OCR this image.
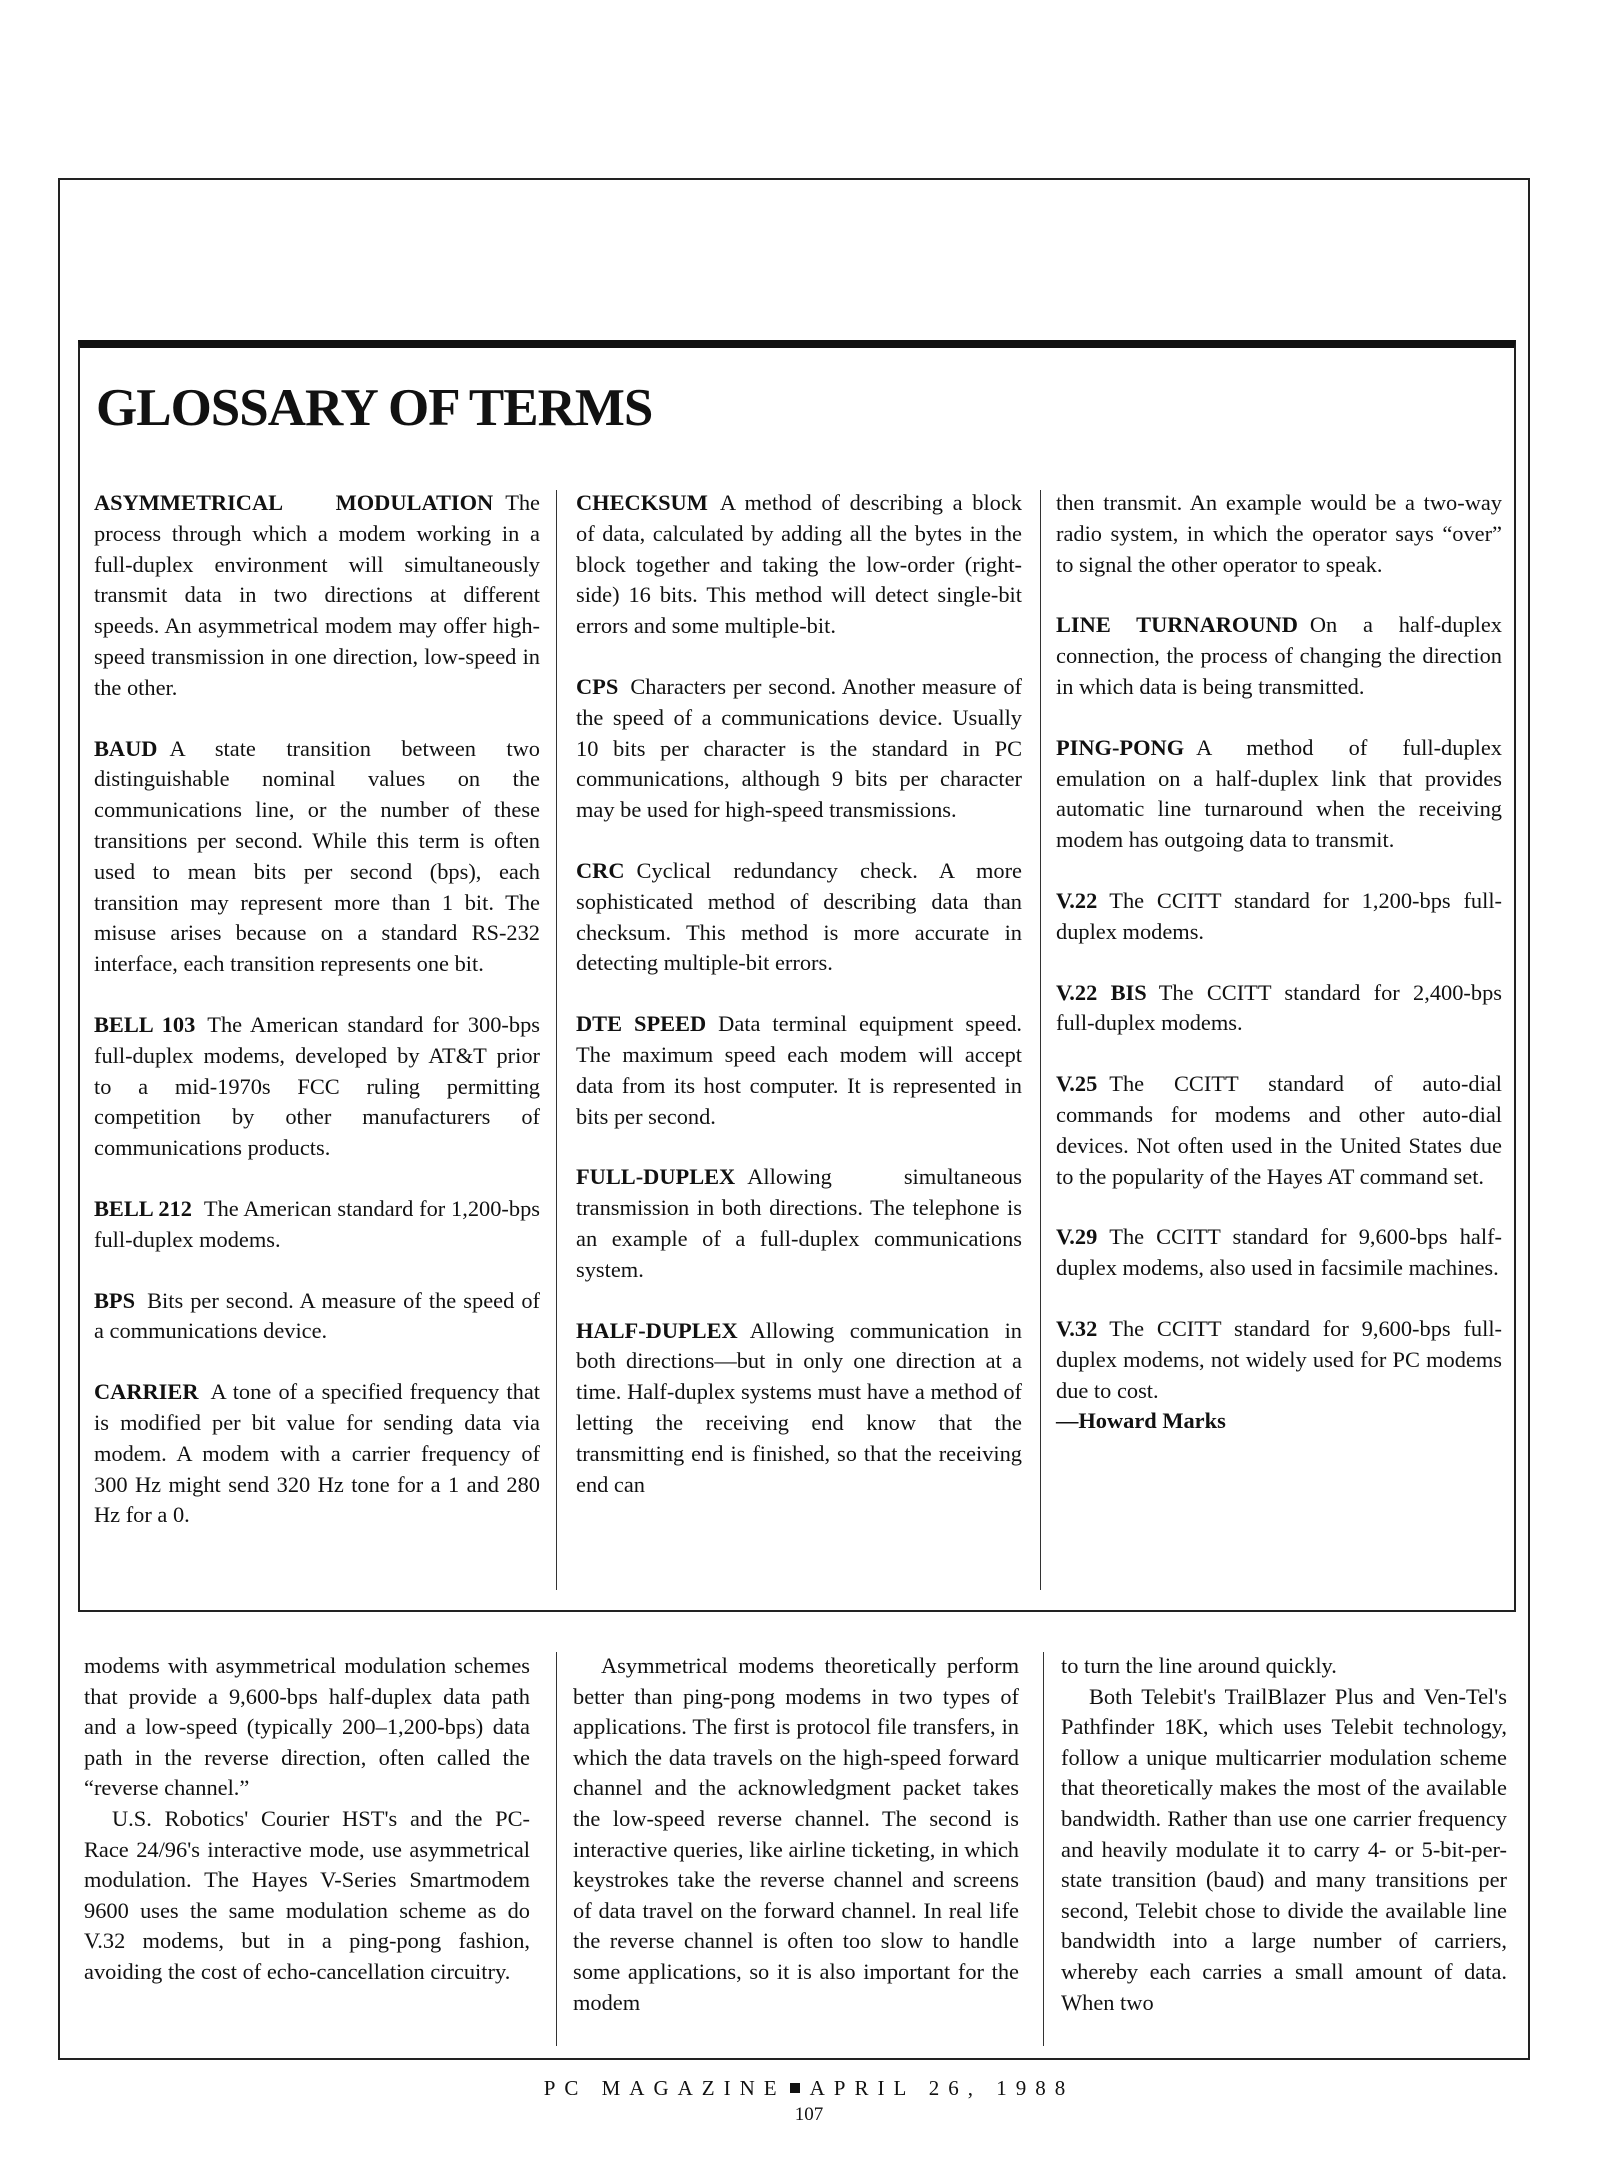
GLOSSARY OF TERMS

ASYMMETRICAL MODULATION The process through which a modem working in a full-duplex environment will simultaneously transmit data in two directions at different speeds. An asymmetrical modem may offer high-speed transmission in one direction, low-speed in the other.

BAUD A state transition between two distinguishable nominal values on the communications line, or the number of these transitions per second. While this term is often used to mean bits per second (bps), each transition may represent more than 1 bit. The misuse arises because on a standard RS-232 interface, each transition represents one bit.

BELL 103 The American standard for 300-bps full-duplex modems, developed by AT&T prior to a mid-1970s FCC ruling permitting competition by other manufacturers of communications products.

BELL 212 The American standard for 1,200-bps full-duplex modems.

BPS Bits per second. A measure of the speed of a communications device.

CARRIER A tone of a specified frequency that is modified per bit value for sending data via modem. A modem with a carrier frequency of 300 Hz might send 320 Hz tone for a 1 and 280 Hz for a 0.

CHECKSUM A method of describing a block of data, calculated by adding all the bytes in the block together and taking the low-order (right-side) 16 bits. This method will detect single-bit errors and some multiple-bit.

CPS Characters per second. Another measure of the speed of a communications device. Usually 10 bits per character is the standard in PC communications, although 9 bits per character may be used for high-speed transmissions.

CRC Cyclical redundancy check. A more sophisticated method of describing data than checksum. This method is more accurate in detecting multiple-bit errors.

DTE SPEED Data terminal equipment speed. The maximum speed each modem will accept data from its host computer. It is represented in bits per second.

FULL-DUPLEX Allowing simultaneous transmission in both directions. The telephone is an example of a full-duplex communications system.

HALF-DUPLEX Allowing communication in both directions—but in only one direction at a time. Half-duplex systems must have a method of letting the receiving end know that the transmitting end is finished, so that the receiving end can

then transmit. An example would be a two-way radio system, in which the operator says “over” to signal the other operator to speak.

LINE TURNAROUND On a half-duplex connection, the process of changing the direction in which data is being transmitted.

PING-PONG A method of full-duplex emulation on a half-duplex link that provides automatic line turnaround when the receiving modem has outgoing data to transmit.

V.22 The CCITT standard for 1,200-bps full-duplex modems.

V.22 BIS The CCITT standard for 2,400-bps full-duplex modems.

V.25 The CCITT standard of auto-dial commands for modems and other auto-dial devices. Not often used in the United States due to the popularity of the Hayes AT command set.

V.29 The CCITT standard for 9,600-bps half-duplex modems, also used in facsimile machines.

V.32 The CCITT standard for 9,600-bps full-duplex modems, not widely used for PC modems due to cost.

—Howard Marks

modems with asymmetrical modulation schemes that provide a 9,600-bps half-duplex data path and a low-speed (typically 200–1,200-bps) data path in the reverse direction, often called the “reverse channel.”

U.S. Robotics' Courier HST's and the PC-Race 24/96's interactive mode, use asymmetrical modulation. The Hayes V-Series Smartmodem 9600 uses the same modulation scheme as do V.32 modems, but in a ping-pong fashion, avoiding the cost of echo-cancellation circuitry.

Asymmetrical modems theoretically perform better than ping-pong modems in two types of applications. The first is protocol file transfers, in which the data travels on the high-speed forward channel and the acknowledgment packet takes the low-speed reverse channel. The second is interactive queries, like airline ticketing, in which keystrokes take the reverse channel and screens of data travel on the forward channel. In real life the reverse channel is often too slow to handle some applications, so it is also important for the modem

to turn the line around quickly.

Both Telebit's TrailBlazer Plus and Ven-Tel's Pathfinder 18K, which uses Telebit technology, follow a unique multicarrier modulation scheme that theoretically makes the most of the available bandwidth. Rather than use one carrier frequency and heavily modulate it to carry 4- or 5-bit-per-state transition (baud) and many transitions per second, Telebit chose to divide the available line bandwidth into a large number of carriers, whereby each carries a small amount of data. When two

PC MAGAZINE APRIL 26, 1988
107
